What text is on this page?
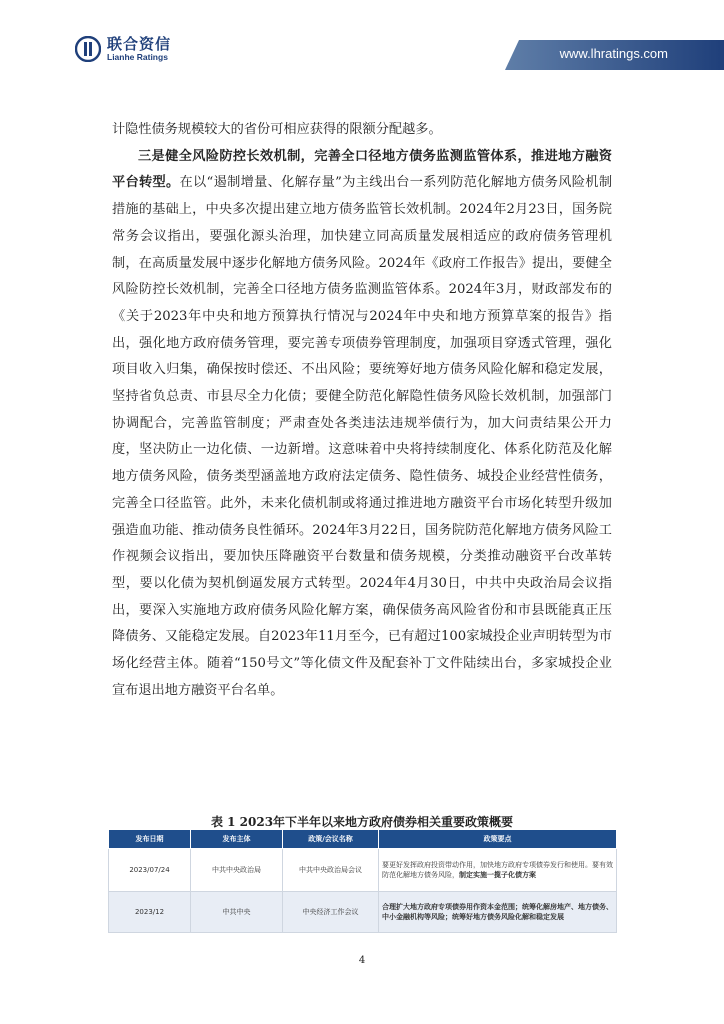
联合资信
Lianhe Ratings	www.lhratings.com

计隐性债务规模较大的省份可相应获得的限额分配越多。

三是健全风险防控长效机制，完善全口径地方债务监测监管体系，推进地方融资平台转型。在以“遏制增量、化解存量”为主线出台一系列防范化解地方债务风险机制措施的基础上，中央多次提出建立地方债务监管长效机制。2024年2月23日，国务院常务会议指出，要强化源头治理，加快建立同高质量发展相适应的政府债务管理机制，在高质量发展中逐步化解地方债务风险。2024年《政府工作报告》提出，要健全风险防控长效机制，完善全口径地方债务监测监管体系。2024年3月，财政部发布的《关于2023年中央和地方预算执行情况与2024年中央和地方预算草案的报告》指出，强化地方政府债务管理，要完善专项债券管理制度，加强项目穿透式管理，强化项目收入归集，确保按时偿还、不出风险；要统筹好地方债务风险化解和稳定发展，坚持省负总责、市县尽全力化债；要健全防范化解隐性债务风险长效机制，加强部门协调配合，完善监管制度；严肃查处各类违法违规举债行为，加大问责结果公开力度，坚决防止一边化债、一边新增。这意味着中央将持续制度化、体系化防范及化解地方债务风险，债务类型涵盖地方政府法定债务、隐性债务、城投企业经营性债务，完善全口径监管。此外，未来化债机制或将通过推进地方融资平台市场化转型升级加强造血功能、推动债务良性循环。2024年3月22日，国务院防范化解地方债务风险工作视频会议指出，要加快压降融资平台数量和债务规模，分类推动融资平台改革转型，要以化债为契机倒逼发展方式转型。2024年4月30日，中共中央政治局会议指出，要深入实施地方政府债务风险化解方案，确保债务高风险省份和市县既能真正压降债务、又能稳定发展。自2023年11月至今，已有超过100家城投企业声明转型为市场化经营主体。随着“150号文”等化债文件及配套补丁文件陆续出台，多家城投企业宣布退出地方融资平台名单。

表 1 2023年下半年以来地方政府债券相关重要政策概要
发布日期	发布主体	政策/会议名称	政策要点
2023/07/24	中共中央政治局	中共中央政治局会议	要更好发挥政府投资带动作用，加快地方政府专项债券发行和使用。要有效防范化解地方债务风险，制定实施一揽子化债方案
2023/12	中共中央	中央经济工作会议	合理扩大地方政府专项债券用作资本金范围；统筹化解房地产、地方债务、中小金融机构等风险；统筹好地方债务风险化解和稳定发展
4
